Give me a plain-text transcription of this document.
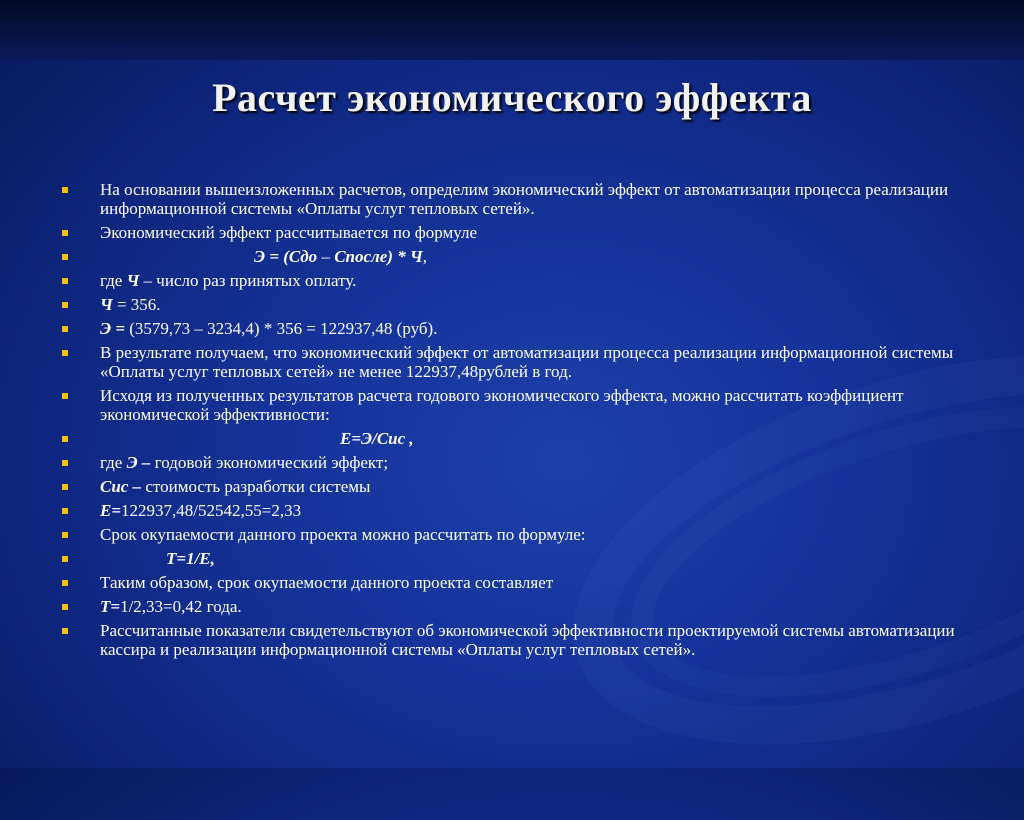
Расчет экономического эффекта
На основании вышеизложенных расчетов, определим экономический эффект от автоматизации процесса реализации информационной системы «Оплаты услуг тепловых сетей».
Экономический эффект рассчитывается по формуле
Э = (Сдо – Спосле) * Ч,
где Ч – число раз принятых оплату.
Ч = 356.
Э = (3579,73 – 3234,4) * 356 = 122937,48 (руб).
В результате получаем, что экономический эффект от автоматизации процесса реализации информационной системы «Оплаты услуг тепловых сетей» не менее 122937,48рублей в год.
Исходя из полученных результатов расчета годового экономического эффекта, можно рассчитать коэффициент экономической эффективности:
Е=Э/Сис ,
где Э – годовой экономический эффект;
Сис – стоимость разработки системы
Е=122937,48/52542,55=2,33
Срок окупаемости данного проекта можно рассчитать по формуле:
Т=1/Е,
Таким образом, срок окупаемости данного проекта составляет
Т=1/2,33=0,42 года.
Рассчитанные показатели свидетельствуют об экономической эффективности проектируемой системы автоматизации кассира и реализации информационной системы «Оплаты услуг тепловых сетей».
